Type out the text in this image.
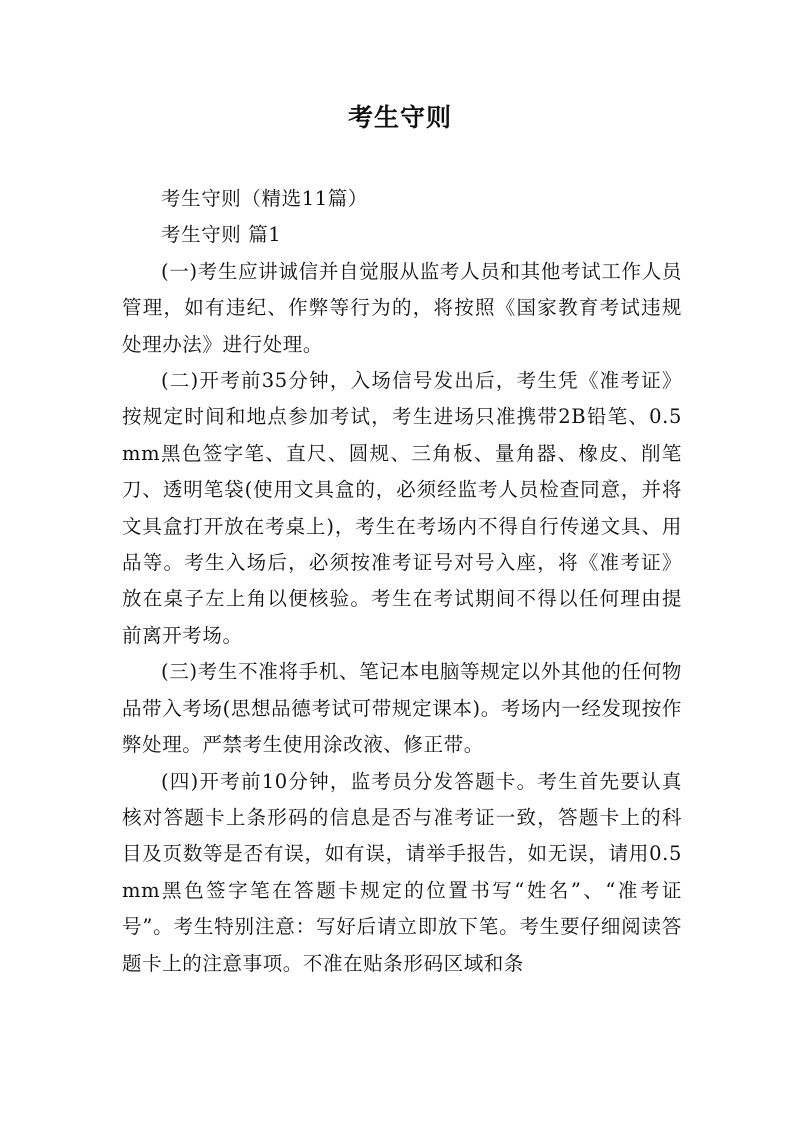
考生守则

考生守则（精选11篇）

考生守则 篇1

(一)考生应讲诚信并自觉服从监考人员和其他考试工作人员管理，如有违纪、作弊等行为的，将按照《国家教育考试违规处理办法》进行处理。

(二)开考前35分钟，入场信号发出后，考生凭《准考证》按规定时间和地点参加考试，考生进场只准携带2B铅笔、0.5mm黑色签字笔、直尺、圆规、三角板、量角器、橡皮、削笔刀、透明笔袋(使用文具盒的，必须经监考人员检查同意，并将文具盒打开放在考桌上)，考生在考场内不得自行传递文具、用品等。考生入场后，必须按准考证号对号入座，将《准考证》放在桌子左上角以便核验。考生在考试期间不得以任何理由提前离开考场。

(三)考生不准将手机、笔记本电脑等规定以外其他的任何物品带入考场(思想品德考试可带规定课本)。考场内一经发现按作弊处理。严禁考生使用涂改液、修正带。

(四)开考前10分钟，监考员分发答题卡。考生首先要认真核对答题卡上条形码的信息是否与准考证一致，答题卡上的科目及页数等是否有误，如有误，请举手报告，如无误，请用0.5mm黑色签字笔在答题卡规定的位置书写“姓名”、“准考证号”。考生特别注意：写好后请立即放下笔。考生要仔细阅读答题卡上的注意事项。不准在贴条形码区域和条
